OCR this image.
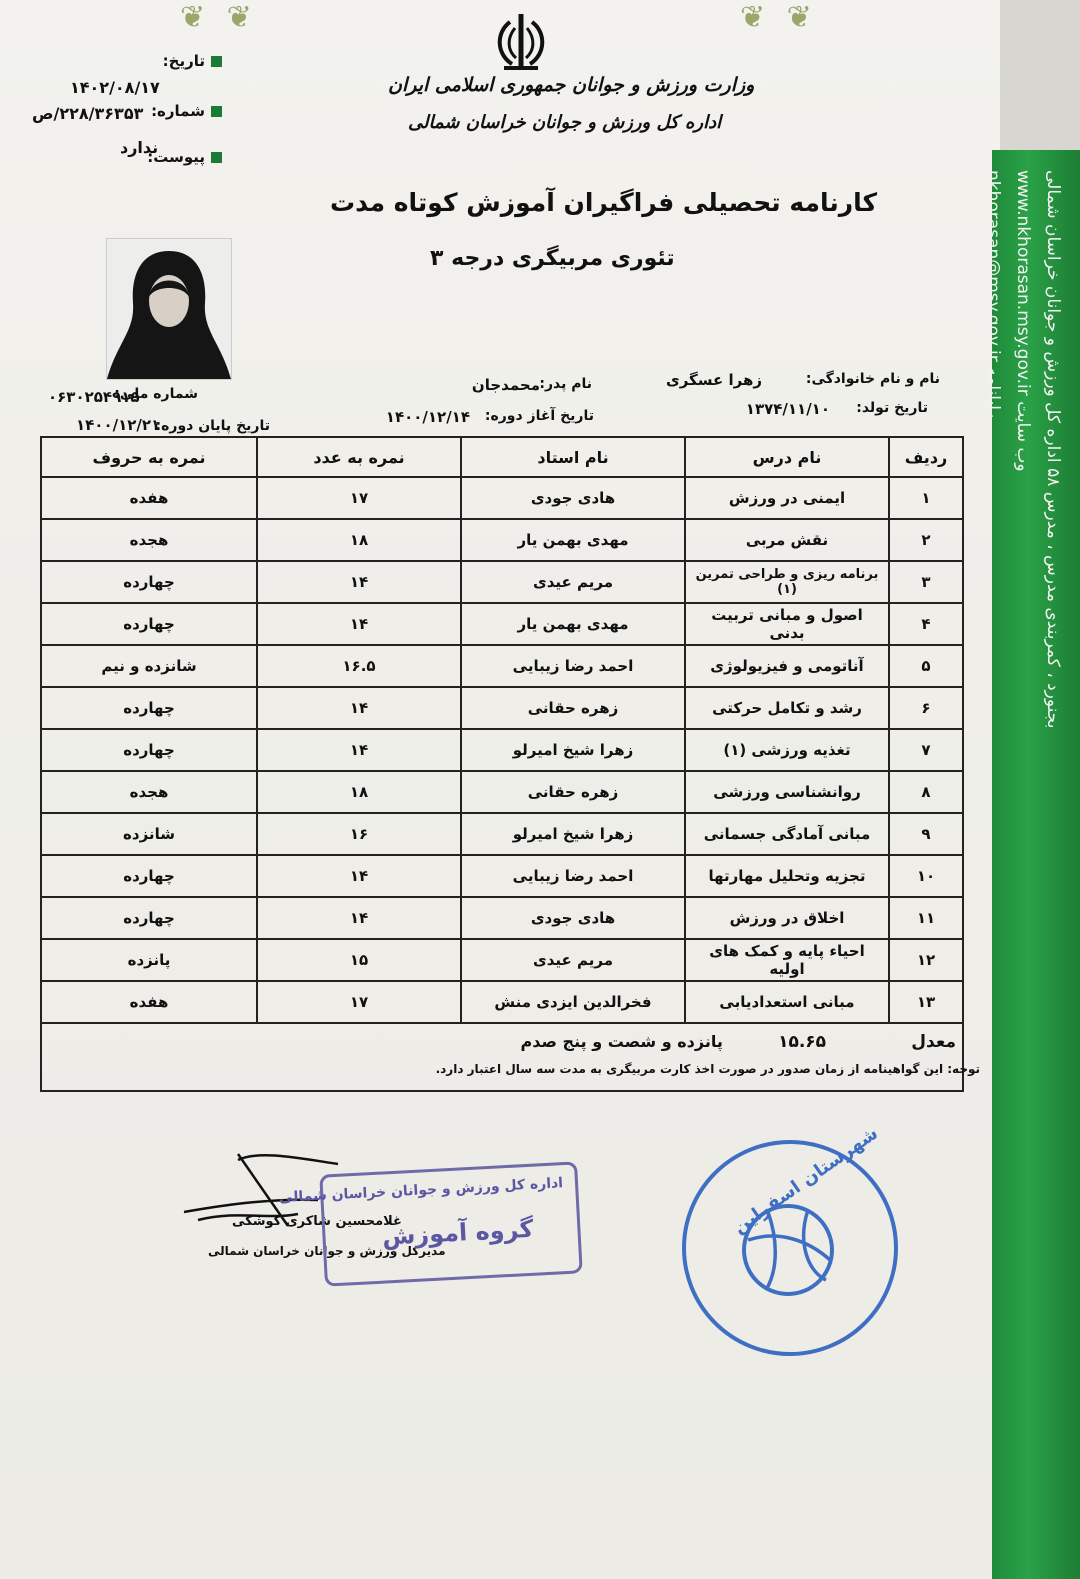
❦ ❦	❦ ❦
وزارت ورزش و جوانان جمهوری اسلامی ایران
اداره کل ورزش و جوانان خراسان شمالی
تاریخ:
۱۴۰۲/۰۸/۱۷
شماره:
۲۲۸/۳۶۳۵۳/ص
پیوست:
ندارد
کارنامه تحصیلی فراگیران آموزش کوتاه مدت
تئوری مربیگری درجه ۳
نام و نام خانوادگی:
زهرا عسگری
نام پدر:
محمدجان
شماره ملی:
۰۶۳۰۲۵۴۹۱۵
تاریخ تولد:
۱۳۷۴/۱۱/۱۰
تاریخ آغاز دوره:
۱۴۰۰/۱۲/۱۴
تاریخ پایان دوره:
۱۴۰۰/۱۲/۲۱
ردیف	نام درس	نام استاد	نمره به عدد	نمره به حروف
۱	ایمنی در ورزش	هادی جودی	۱۷	هفده
۲	نقش مربی	مهدی بهمن یار	۱۸	هجده
۳	برنامه ریزی و طراحی تمرین (۱)	مریم عیدی	۱۴	چهارده
۴	اصول و مبانی تربیت بدنی	مهدی بهمن یار	۱۴	چهارده
۵	آناتومی و فیزیولوژی	احمد رضا زیبایی	۱۶.۵	شانزده و نیم
۶	رشد و تکامل حرکتی	زهره حقانی	۱۴	چهارده
۷	تغذیه ورزشی (۱)	زهرا شیخ امیرلو	۱۴	چهارده
۸	روانشناسی ورزشی	زهره حقانی	۱۸	هجده
۹	مبانی آمادگی جسمانی	زهرا شیخ امیرلو	۱۶	شانزده
۱۰	تجزیه وتحلیل مهارتها	احمد رضا زیبایی	۱۴	چهارده
۱۱	اخلاق در ورزش	هادی جودی	۱۴	چهارده
۱۲	احیاء پایه و کمک های اولیه	مریم عیدی	۱۵	پانزده
۱۳	مبانی استعدادیابی	فخرالدین ایزدی منش	۱۷	هفده
معدل ۱۵.۶۵ پانزده و شصت و پنج صدم				
توجه: این گواهینامه از زمان صدور در صورت اخذ کارت مربیگری به مدت سه سال اعتبار دارد.
غلامحسین شاکری کوشکی
مدیرکل ورزش و جوانان خراسان شمالی
اداره کل ورزش و جوانان خراسان شمالی
گروه آموزش	شهرستان اسفراین
بجنورد ، کمربندی مدرس ، مدرس ۵۸ اداره کل ورزش و جوانان خراسان شمالی
www.nkhorasan.msy.gov.ir وب سایت
nkhorasan@msy.gov.ir رایانامه
